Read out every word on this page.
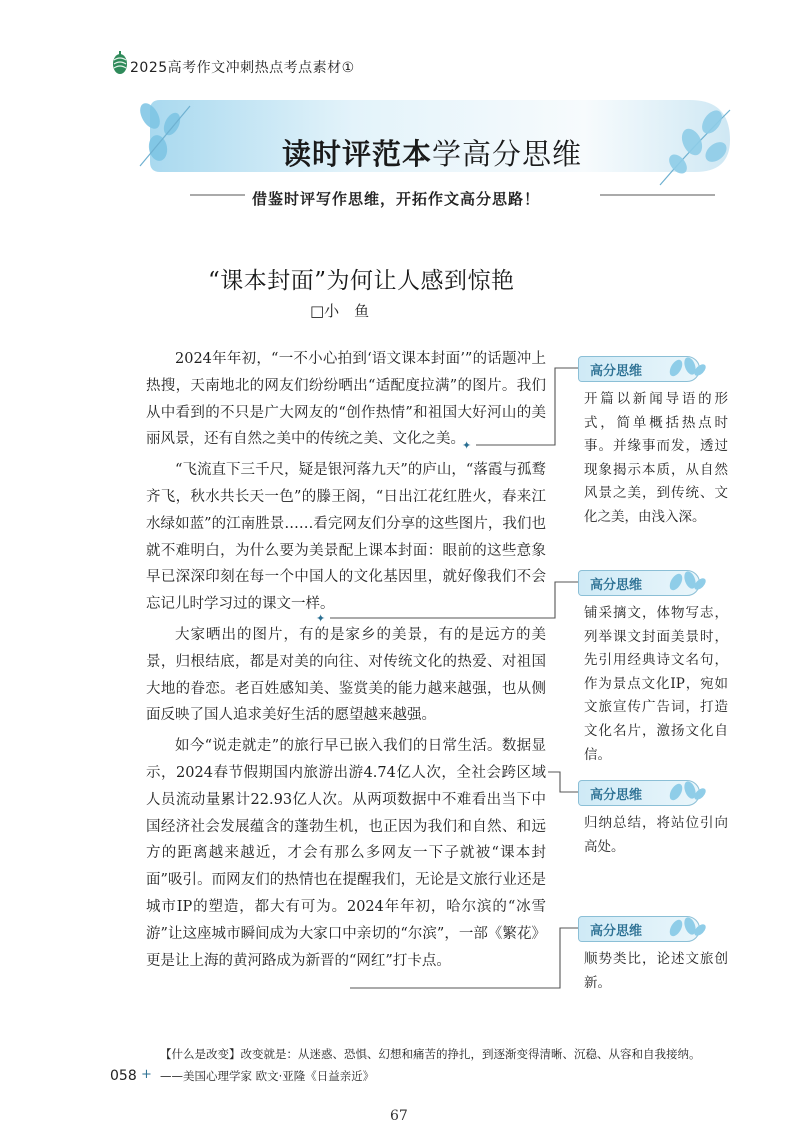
2025高考作文冲刺热点考点素材①
读时评范本学高分思维
借鉴时评写作思维，开拓作文高分思路！
“课本封面”为何让人感到惊艳
□小　鱼

2024年年初，“一不小心拍到‘语文课本封面’”的话题冲上热搜，天南地北的网友们纷纷晒出“适配度拉满”的图片。我们从中看到的不只是广大网友的“创作热情”和祖国大好河山的美丽风景，还有自然之美中的传统之美、文化之美。

“飞流直下三千尺，疑是银河落九天”的庐山，“落霞与孤鹜齐飞，秋水共长天一色”的滕王阁，“日出江花红胜火，春来江水绿如蓝”的江南胜景……看完网友们分享的这些图片，我们也就不难明白，为什么要为美景配上课本封面：眼前的这些意象早已深深印刻在每一个中国人的文化基因里，就好像我们不会忘记儿时学习过的课文一样。

大家晒出的图片，有的是家乡的美景，有的是远方的美景，归根结底，都是对美的向往、对传统文化的热爱、对祖国大地的眷恋。老百姓感知美、鉴赏美的能力越来越强，也从侧面反映了国人追求美好生活的愿望越来越强。

如今“说走就走”的旅行早已嵌入我们的日常生活。数据显示，2024春节假期国内旅游出游4.74亿人次，全社会跨区域人员流动量累计22.93亿人次。从两项数据中不难看出当下中国经济社会发展蕴含的蓬勃生机，也正因为我们和自然、和远方的距离越来越近，才会有那么多网友一下子就被“课本封面”吸引。而网友们的热情也在提醒我们，无论是文旅行业还是城市IP的塑造，都大有可为。2024年年初，哈尔滨的“冰雪游”让这座城市瞬间成为大家口中亲切的“尔滨”，一部《繁花》更是让上海的黄河路成为新晋的“网红”打卡点。

✦
✦
高分思维
开篇以新闻导语的形式，简单概括热点时事。并缘事而发，透过现象揭示本质，从自然风景之美，到传统、文化之美，由浅入深。
高分思维
铺采摛文，体物写志，列举课文封面美景时，先引用经典诗文名句，作为景点文化IP，宛如文旅宣传广告词，打造文化名片，激扬文化自信。
高分思维
归纳总结，将站位引向高处。
高分思维
顺势类比，论述文旅创新。
【什么是改变】改变就是：从迷惑、恐惧、幻想和痛苦的挣扎，到逐渐变得清晰、沉稳、从容和自我接纳。——美国心理学家 欧文·亚隆《日益亲近》
058 +
67
